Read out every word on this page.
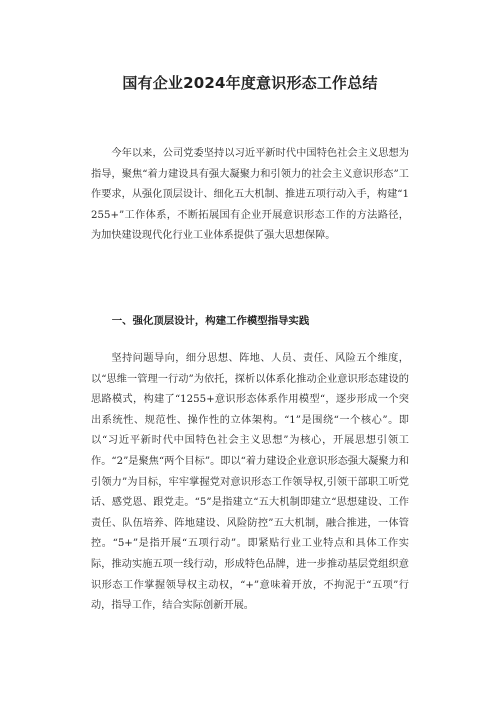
国有企业2024年度意识形态工作总结

今年以来，公司党委坚持以习近平新时代中国特色社会主义思想为指导，聚焦“着力建设具有强大凝聚力和引领力的社会主义意识形态”工作要求，从强化顶层设计、细化五大机制、推进五项行动入手，构建“1255+”工作体系，不断拓展国有企业开展意识形态工作的方法路径，为加快建设现代化行业工业体系提供了强大思想保障。

一、强化顶层设计，构建工作模型指导实践

坚持问题导向，细分思想、阵地、人员、责任、风险五个维度，以“思维一管理一行动”为依托，探析以体系化推动企业意识形态建设的思路模式，构建了“1255+意识形态体系作用模型“，逐步形成一个突出系统性、规范性、操作性的立体架构。“1”是围绕“一个核心”。即以“习近平新时代中国特色社会主义思想”为核心，开展思想引领工作。“2”是聚焦“两个目标”。即以“着力建设企业意识形态强大凝聚力和引领力”为目标，牢牢掌握党对意识形态工作领导权,引领干部职工听党话、感党恩、跟党走。“5”是指建立“五大机制即建立“思想建设、工作责任、队伍培养、阵地建设、风险防控”五大机制，融合推进，一体管控。“5+”是指开展“五项行动”。即紧贴行业工业特点和具体工作实际，推动实施五项一线行动，形成特色品牌，进一步推动基层党组织意识形态工作掌握领导权主动权，“+”意味着开放，不拘泥于“五项”行动，指导工作，结合实际创新开展。
